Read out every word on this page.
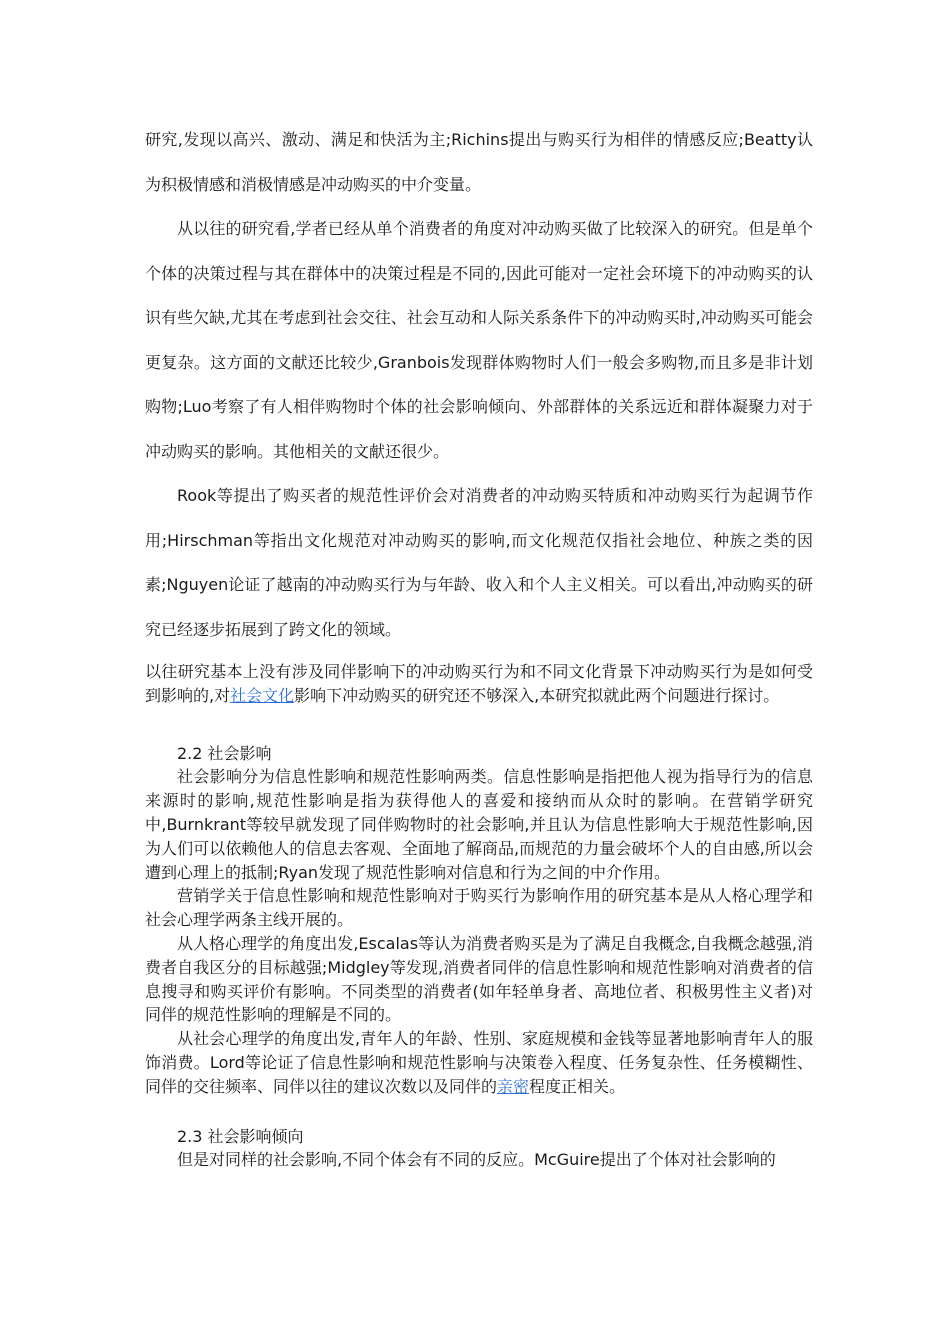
研究,发现以高兴、激动、满足和快活为主;Richins提出与购买行为相伴的情感反应;Beatty认为积极情感和消极情感是冲动购买的中介变量。

从以往的研究看,学者已经从单个消费者的角度对冲动购买做了比较深入的研究。但是单个个体的决策过程与其在群体中的决策过程是不同的,因此可能对一定社会环境下的冲动购买的认识有些欠缺,尤其在考虑到社会交往、社会互动和人际关系条件下的冲动购买时,冲动购买可能会更复杂。这方面的文献还比较少,Granbois发现群体购物时人们一般会多购物,而且多是非计划购物;Luo考察了有人相伴购物时个体的社会影响倾向、外部群体的关系远近和群体凝聚力对于冲动购买的影响。其他相关的文献还很少。

Rook等提出了购买者的规范性评价会对消费者的冲动购买特质和冲动购买行为起调节作用;Hirschman等指出文化规范对冲动购买的影响,而文化规范仅指社会地位、种族之类的因素;Nguyen论证了越南的冲动购买行为与年龄、收入和个人主义相关。可以看出,冲动购买的研究已经逐步拓展到了跨文化的领域。

以往研究基本上没有涉及同伴影响下的冲动购买行为和不同文化背景下冲动购买行为是如何受到影响的,对社会文化影响下冲动购买的研究还不够深入,本研究拟就此两个问题进行探讨。

2.2 社会影响

社会影响分为信息性影响和规范性影响两类。信息性影响是指把他人视为指导行为的信息来源时的影响,规范性影响是指为获得他人的喜爱和接纳而从众时的影响。在营销学研究中,Burnkrant等较早就发现了同伴购物时的社会影响,并且认为信息性影响大于规范性影响,因为人们可以依赖他人的信息去客观、全面地了解商品,而规范的力量会破坏个人的自由感,所以会遭到心理上的抵制;Ryan发现了规范性影响对信息和行为之间的中介作用。

营销学关于信息性影响和规范性影响对于购买行为影响作用的研究基本是从人格心理学和社会心理学两条主线开展的。

从人格心理学的角度出发,Escalas等认为消费者购买是为了满足自我概念,自我概念越强,消费者自我区分的目标越强;Midgley等发现,消费者同伴的信息性影响和规范性影响对消费者的信息搜寻和购买评价有影响。不同类型的消费者(如年轻单身者、高地位者、积极男性主义者)对同伴的规范性影响的理解是不同的。

从社会心理学的角度出发,青年人的年龄、性别、家庭规模和金钱等显著地影响青年人的服饰消费。Lord等论证了信息性影响和规范性影响与决策卷入程度、任务复杂性、任务模糊性、同伴的交往频率、同伴以往的建议次数以及同伴的亲密程度正相关。

2.3 社会影响倾向

但是对同样的社会影响,不同个体会有不同的反应。McGuire提出了个体对社会影响的
